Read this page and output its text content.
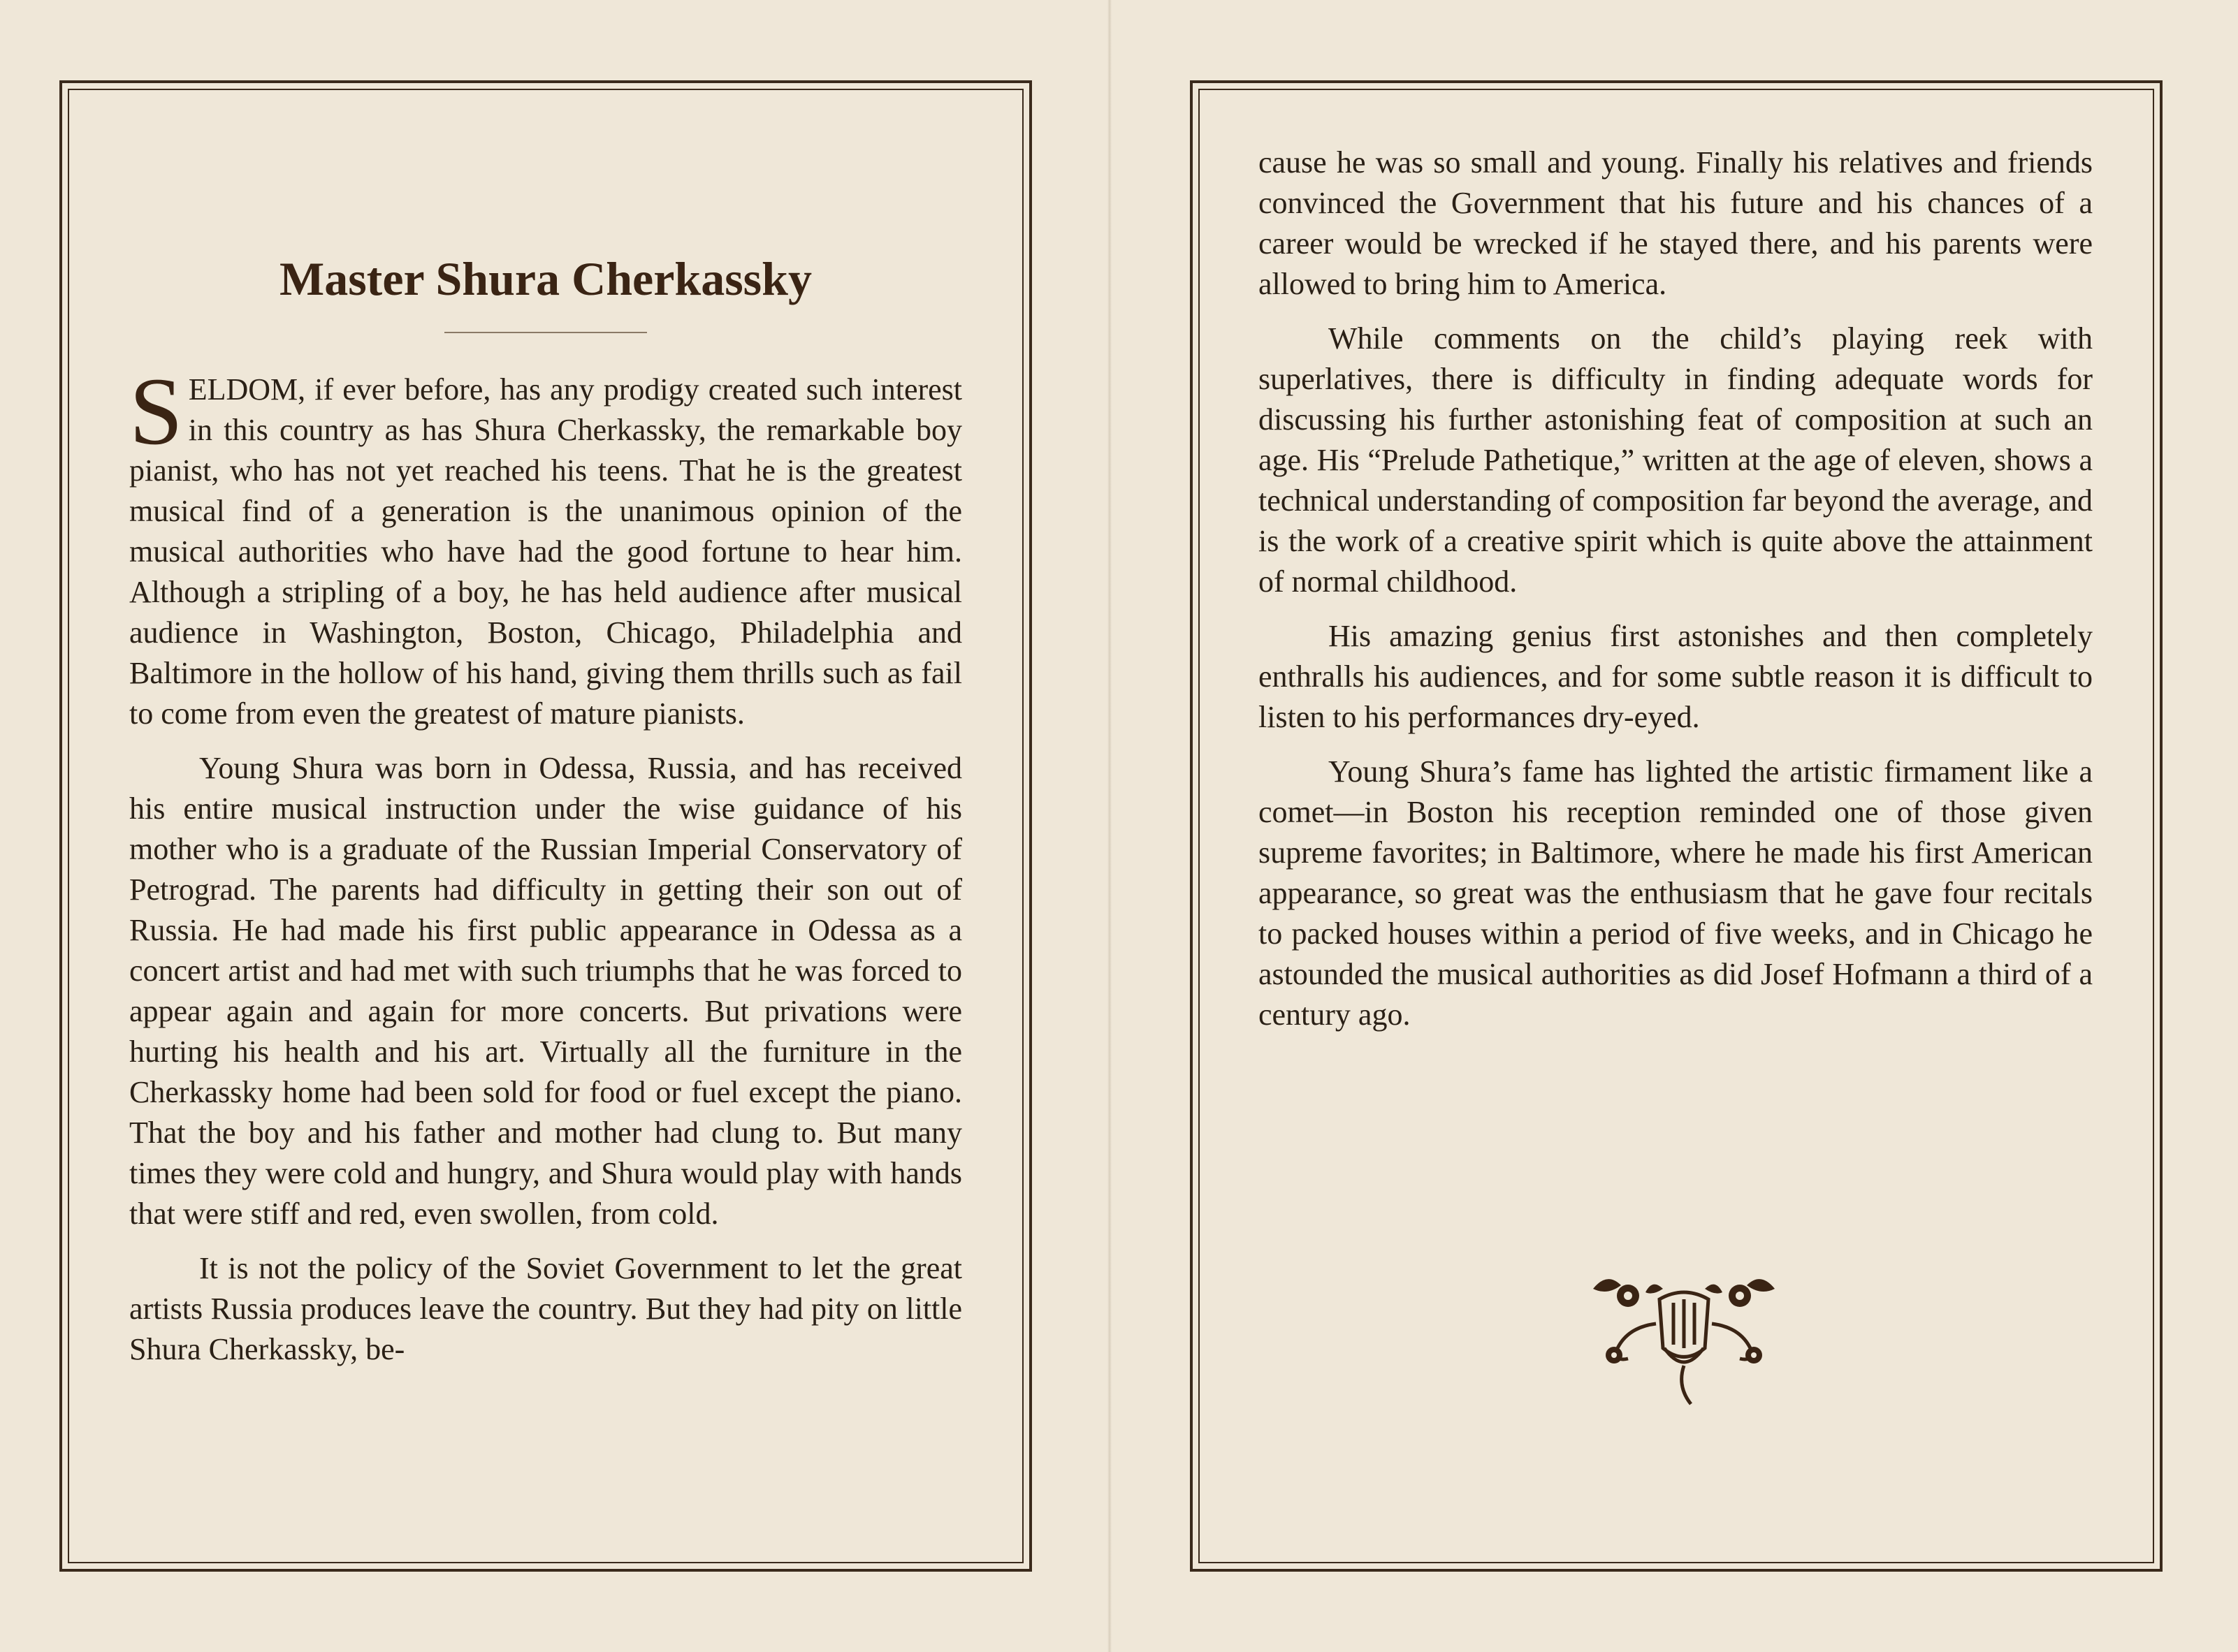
Master Shura Cherkassky

SELDOM, if ever before, has any prodigy created such interest in this country as has Shura Cherkassky, the remarkable boy pianist, who has not yet reached his teens. That he is the greatest musical find of a generation is the unanimous opinion of the musical authorities who have had the good fortune to hear him. Although a stripling of a boy, he has held audience after musical audience in Washington, Boston, Chicago, Philadelphia and Baltimore in the hollow of his hand, giving them thrills such as fail to come from even the greatest of mature pianists.

Young Shura was born in Odessa, Russia, and has received his entire musical instruction under the wise guidance of his mother who is a graduate of the Russian Imperial Conservatory of Petrograd. The parents had difficulty in getting their son out of Russia. He had made his first public appearance in Odessa as a concert artist and had met with such triumphs that he was forced to appear again and again for more concerts. But privations were hurting his health and his art. Virtually all the furniture in the Cherkassky home had been sold for food or fuel except the piano. That the boy and his father and mother had clung to. But many times they were cold and hungry, and Shura would play with hands that were stiff and red, even swollen, from cold.

It is not the policy of the Soviet Government to let the great artists Russia produces leave the country. But they had pity on little Shura Cherkassky, be-

cause he was so small and young. Finally his relatives and friends convinced the Government that his future and his chances of a career would be wrecked if he stayed there, and his parents were allowed to bring him to America.

While comments on the child’s playing reek with superlatives, there is difficulty in finding adequate words for discussing his further astonishing feat of composition at such an age. His “Prelude Pathetique,” written at the age of eleven, shows a technical understanding of composition far beyond the average, and is the work of a creative spirit which is quite above the attainment of normal childhood.

His amazing genius first astonishes and then completely enthralls his audiences, and for some subtle reason it is difficult to listen to his performances dry-eyed.

Young Shura’s fame has lighted the artistic firmament like a comet—in Boston his reception reminded one of those given supreme favorites; in Baltimore, where he made his first American appearance, so great was the enthusiasm that he gave four recitals to packed houses within a period of five weeks, and in Chicago he astounded the musical authorities as did Josef Hofmann a third of a century ago.
